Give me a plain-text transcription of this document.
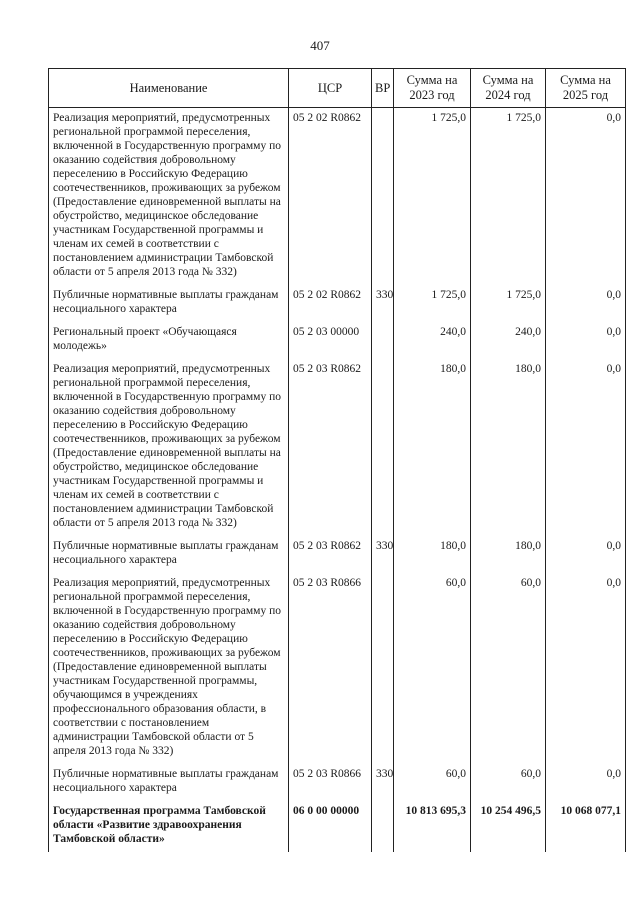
407
Наименование	ЦСР	ВР	Сумма на 2023 год	Сумма на 2024 год	Сумма на 2025 год
Реализация мероприятий, предусмотренных региональной программой переселения, включенной в Государственную программу по оказанию содействия добровольному переселению в Российскую Федерацию соотечественников, проживающих за рубежом (Предоставление единовременной выплаты на обустройство, медицинское обследование участникам Государственной программы и членам их семей в соответствии с постановлением администрации Тамбовской области от 5 апреля 2013 года № 332)	05 2 02 R0862		1 725,0	1 725,0	0,0
Публичные нормативные выплаты гражданам несоциального характера	05 2 02 R0862	330	1 725,0	1 725,0	0,0
Региональный проект «Обучающаяся молодежь»	05 2 03 00000		240,0	240,0	0,0
Реализация мероприятий, предусмотренных региональной программой переселения, включенной в Государственную программу по оказанию содействия добровольному переселению в Российскую Федерацию соотечественников, проживающих за рубежом (Предоставление единовременной выплаты на обустройство, медицинское обследование участникам Государственной программы и членам их семей в соответствии с постановлением администрации Тамбовской области от 5 апреля 2013 года № 332)	05 2 03 R0862		180,0	180,0	0,0
Публичные нормативные выплаты гражданам несоциального характера	05 2 03 R0862	330	180,0	180,0	0,0
Реализация мероприятий, предусмотренных региональной программой переселения, включенной в Государственную программу по оказанию содействия добровольному переселению в Российскую Федерацию соотечественников, проживающих за рубежом (Предоставление единовременной выплаты участникам Государственной программы, обучающимся в учреждениях профессионального образования области, в соответствии с постановлением администрации Тамбовской области от 5 апреля 2013 года № 332)	05 2 03 R0866		60,0	60,0	0,0
Публичные нормативные выплаты гражданам несоциального характера	05 2 03 R0866	330	60,0	60,0	0,0
Государственная программа Тамбовской области «Развитие здравоохранения Тамбовской области»	06 0 00 00000		10 813 695,3	10 254 496,5	10 068 077,1
